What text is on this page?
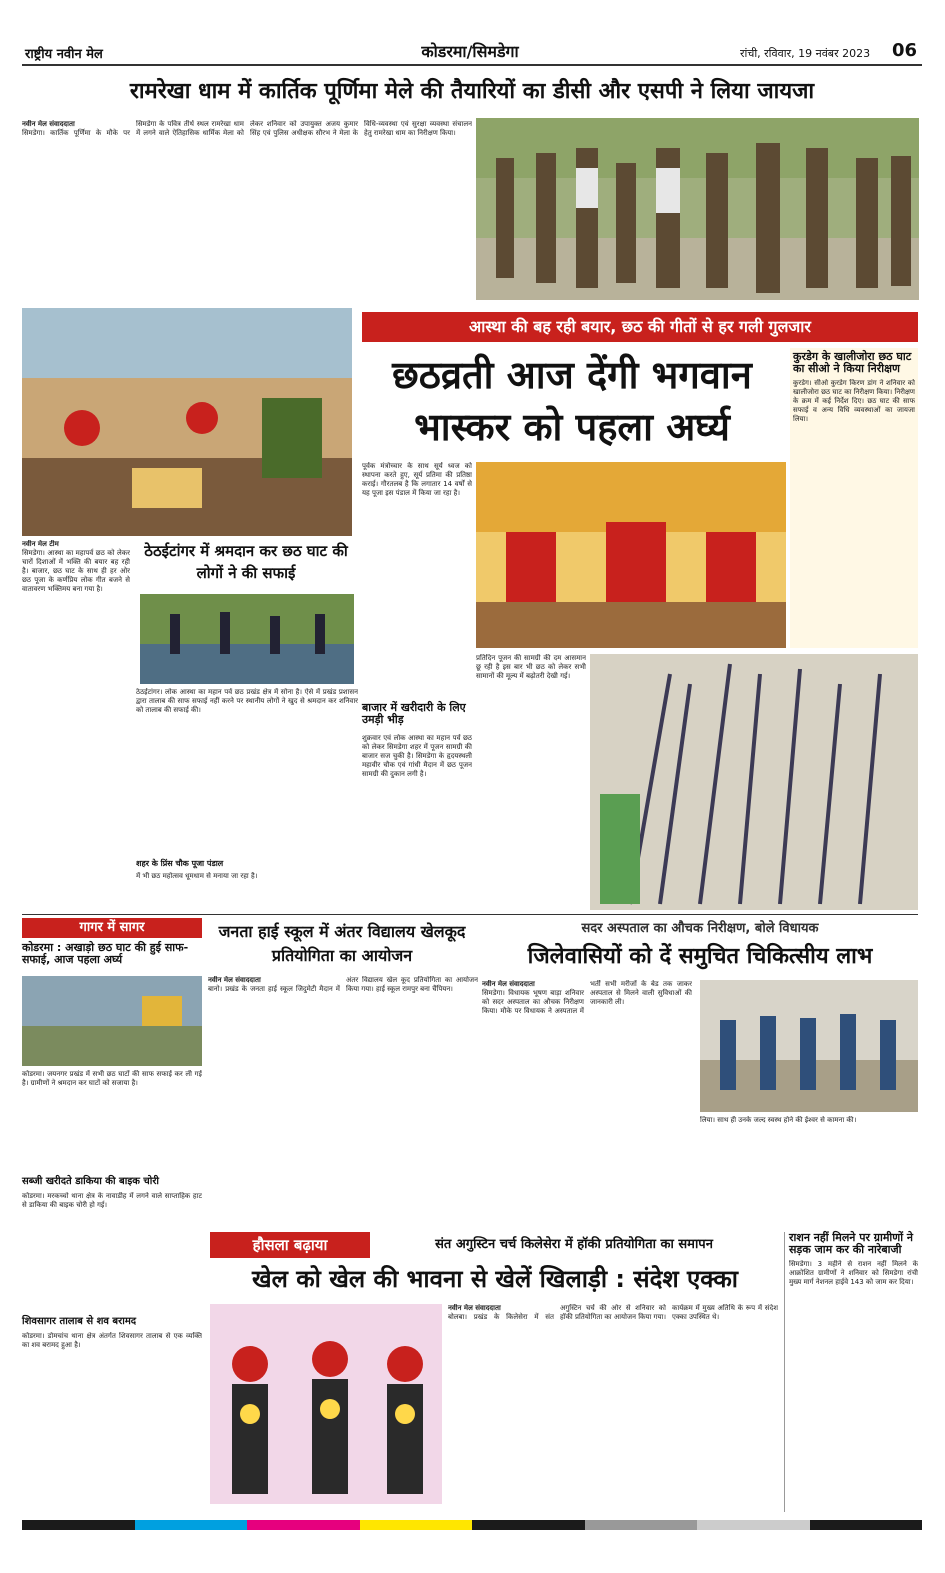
राष्ट्रीय नवीन मेल	कोडरमा/सिमडेगा	रांची, रविवार, 19 नवंबर 2023	06
रामरेखा धाम में कार्तिक पूर्णिमा मेले की तैयारियों का डीसी और एसपी ने लिया जायजा
नवीन मेल संवाददाता
सिमडेगा। कार्तिक पूर्णिमा के मौके पर सिमडेगा के पवित्र तीर्थ स्थल रामरेखा धाम में लगने वाले ऐतिहासिक धार्मिक मेला को लेकर शनिवार को उपायुक्त अजय कुमार सिंह एवं पुलिस अधीक्षक सौरभ ने मेला के विधि-व्यवस्था एवं सुरक्षा व्यवस्था संचालन हेतु रामरेखा धाम का निरीक्षण किया।
आस्था की बह रही बयार, छठ की गीतों से हर गली गुलजार
छठव्रती आज देंगी भगवान
भास्कर को पहला अर्घ्य
कुरडेग के खालीजोरा छठ घाट का सीओ ने किया निरीक्षण
कुरडेग। सीओ कुरडेग किरण डांग ने शनिवार को खालीजोरा छठ घाट का निरीक्षण किया। निरीक्षण के क्रम में कई निर्देश दिए। छठ घाट की साफ सफाई व अन्य विधि व्यवस्थाओं का जायजा लिया।
नवीन मेल टीम
सिमडेगा। आस्था का महापर्व छठ को लेकर चारों दिशाओं में भक्ति की बयार बह रही है। बाजार, छठ घाट के साथ ही हर ओर छठ पूजा के कर्णप्रिय लोक गीत बजने से वातावरण भक्तिमय बना गया है।
पूर्वक मंत्रोच्चार के साथ सूर्य ध्वज को स्थापना करते हुए, सूर्य प्रतिमा की प्रतिष्ठा कराई। गौरतलब है कि लगातार 14 वर्षों से यह पूजा इस पंडाल में किया जा रहा है।
बाजार में खरीदारी के लिए उमड़ी भीड़
शुक्रवार एवं लोक आस्था का महान पर्व छठ को लेकर सिमडेगा शहर में पूजन सामग्री की बाजार सज चुकी है। सिमडेगा के हृदयस्थली महावीर चौक एवं गांधी मैदान में छठ पूजन सामग्री की दुकान लगी है।
प्रतिदिन पूजन की सामग्री की दम आसमान छू रही है इस बार भी छठ को लेकर सभी सामानों की मूल्य में बढ़ोतरी देखी गई।
ठेठईटांगर में श्रमदान कर छठ घाट की लोगों ने की सफाई
ठेठईटांगर। लोक आस्था का महान पर्व छठ प्रखंड क्षेत्र में सोना है। ऐसे में प्रखंड प्रशासन द्वारा तालाब की साफ सफाई नहीं करने पर स्थानीय लोगों ने खुद से श्रमदान कर शनिवार को तालाब की सफाई की।
शहर के प्रिंस चौक पूजा पंडाल
में भी छठ महोत्सव धूमधाम से मनाया जा रहा है।
गागर में सागर
कोडरमा : अखाड़ो छठ घाट की हुई साफ-सफाई, आज पहला अर्घ्य
कोडरमा। जयनगर प्रखंड में सभी छठ घाटों की साफ सफाई कर ली गई है। ग्रामीणों ने श्रमदान कर घाटों को सजाया है।
सब्जी खरीदते डाकिया की बाइक चोरी
कोडरमा। मरकच्चो थाना क्षेत्र के नावाडीह में लगने वाले साप्ताहिक हाट से डाकिया की बाइक चोरी हो गई।
शिवसागर तालाब से शव बरामद
कोडरमा। डोमचांच थाना क्षेत्र अंतर्गत शिवसागर तालाब से एक व्यक्ति का शव बरामद हुआ है।
जनता हाई स्कूल में अंतर विद्यालय खेलकूद प्रतियोगिता का आयोजन
नवीन मेल संवाददाता
बानो। प्रखंड के जनता हाई स्कूल जिदुमेटी मैदान में अंतर विद्यालय खेल कूद प्रतियोगिता का आयोजन किया गया। हाई स्कूल रामपुर बना चैंपियन।
सदर अस्पताल का औचक निरीक्षण, बोले विधायक
जिलेवासियों को दें समुचित चिकित्सीय लाभ
नवीन मेल संवाददाता
सिमडेगा। विधायक भूषण बाड़ा शनिवार को सदर अस्पताल का औचक निरीक्षण किया। मौके पर विधायक ने अस्पताल में भर्ती सभी मरीजों के बेड तक जाकर अस्पताल से मिलने वाली सुविधाओं की जानकारी ली।
लिया। साथ ही उनके जल्द स्वस्थ होने की ईश्वर से कामना की।
हौसला बढ़ाया	संत अगुस्टिन चर्च किलेसेरा में हॉकी प्रतियोगिता का समापन
खेल को खेल की भावना से खेलें खिलाड़ी : संदेश एक्का
नवीन मेल संवाददाता
बोलबा। प्रखंड के किलेसेरा में संत अगुस्टिन चर्च की ओर से शनिवार को हॉकी प्रतियोगिता का आयोजन किया गया। कार्यक्रम में मुख्य अतिथि के रूप में संदेश एक्का उपस्थित थे।
राशन नहीं मिलने पर ग्रामीणों ने सड़क जाम कर की नारेबाजी
सिमडेगा। 3 महीने से राशन नहीं मिलने के आक्रोशित ग्रामीणों ने शनिवार को सिमडेगा रांची मुख्य मार्ग नेशनल हाईवे 143 को जाम कर दिया।
